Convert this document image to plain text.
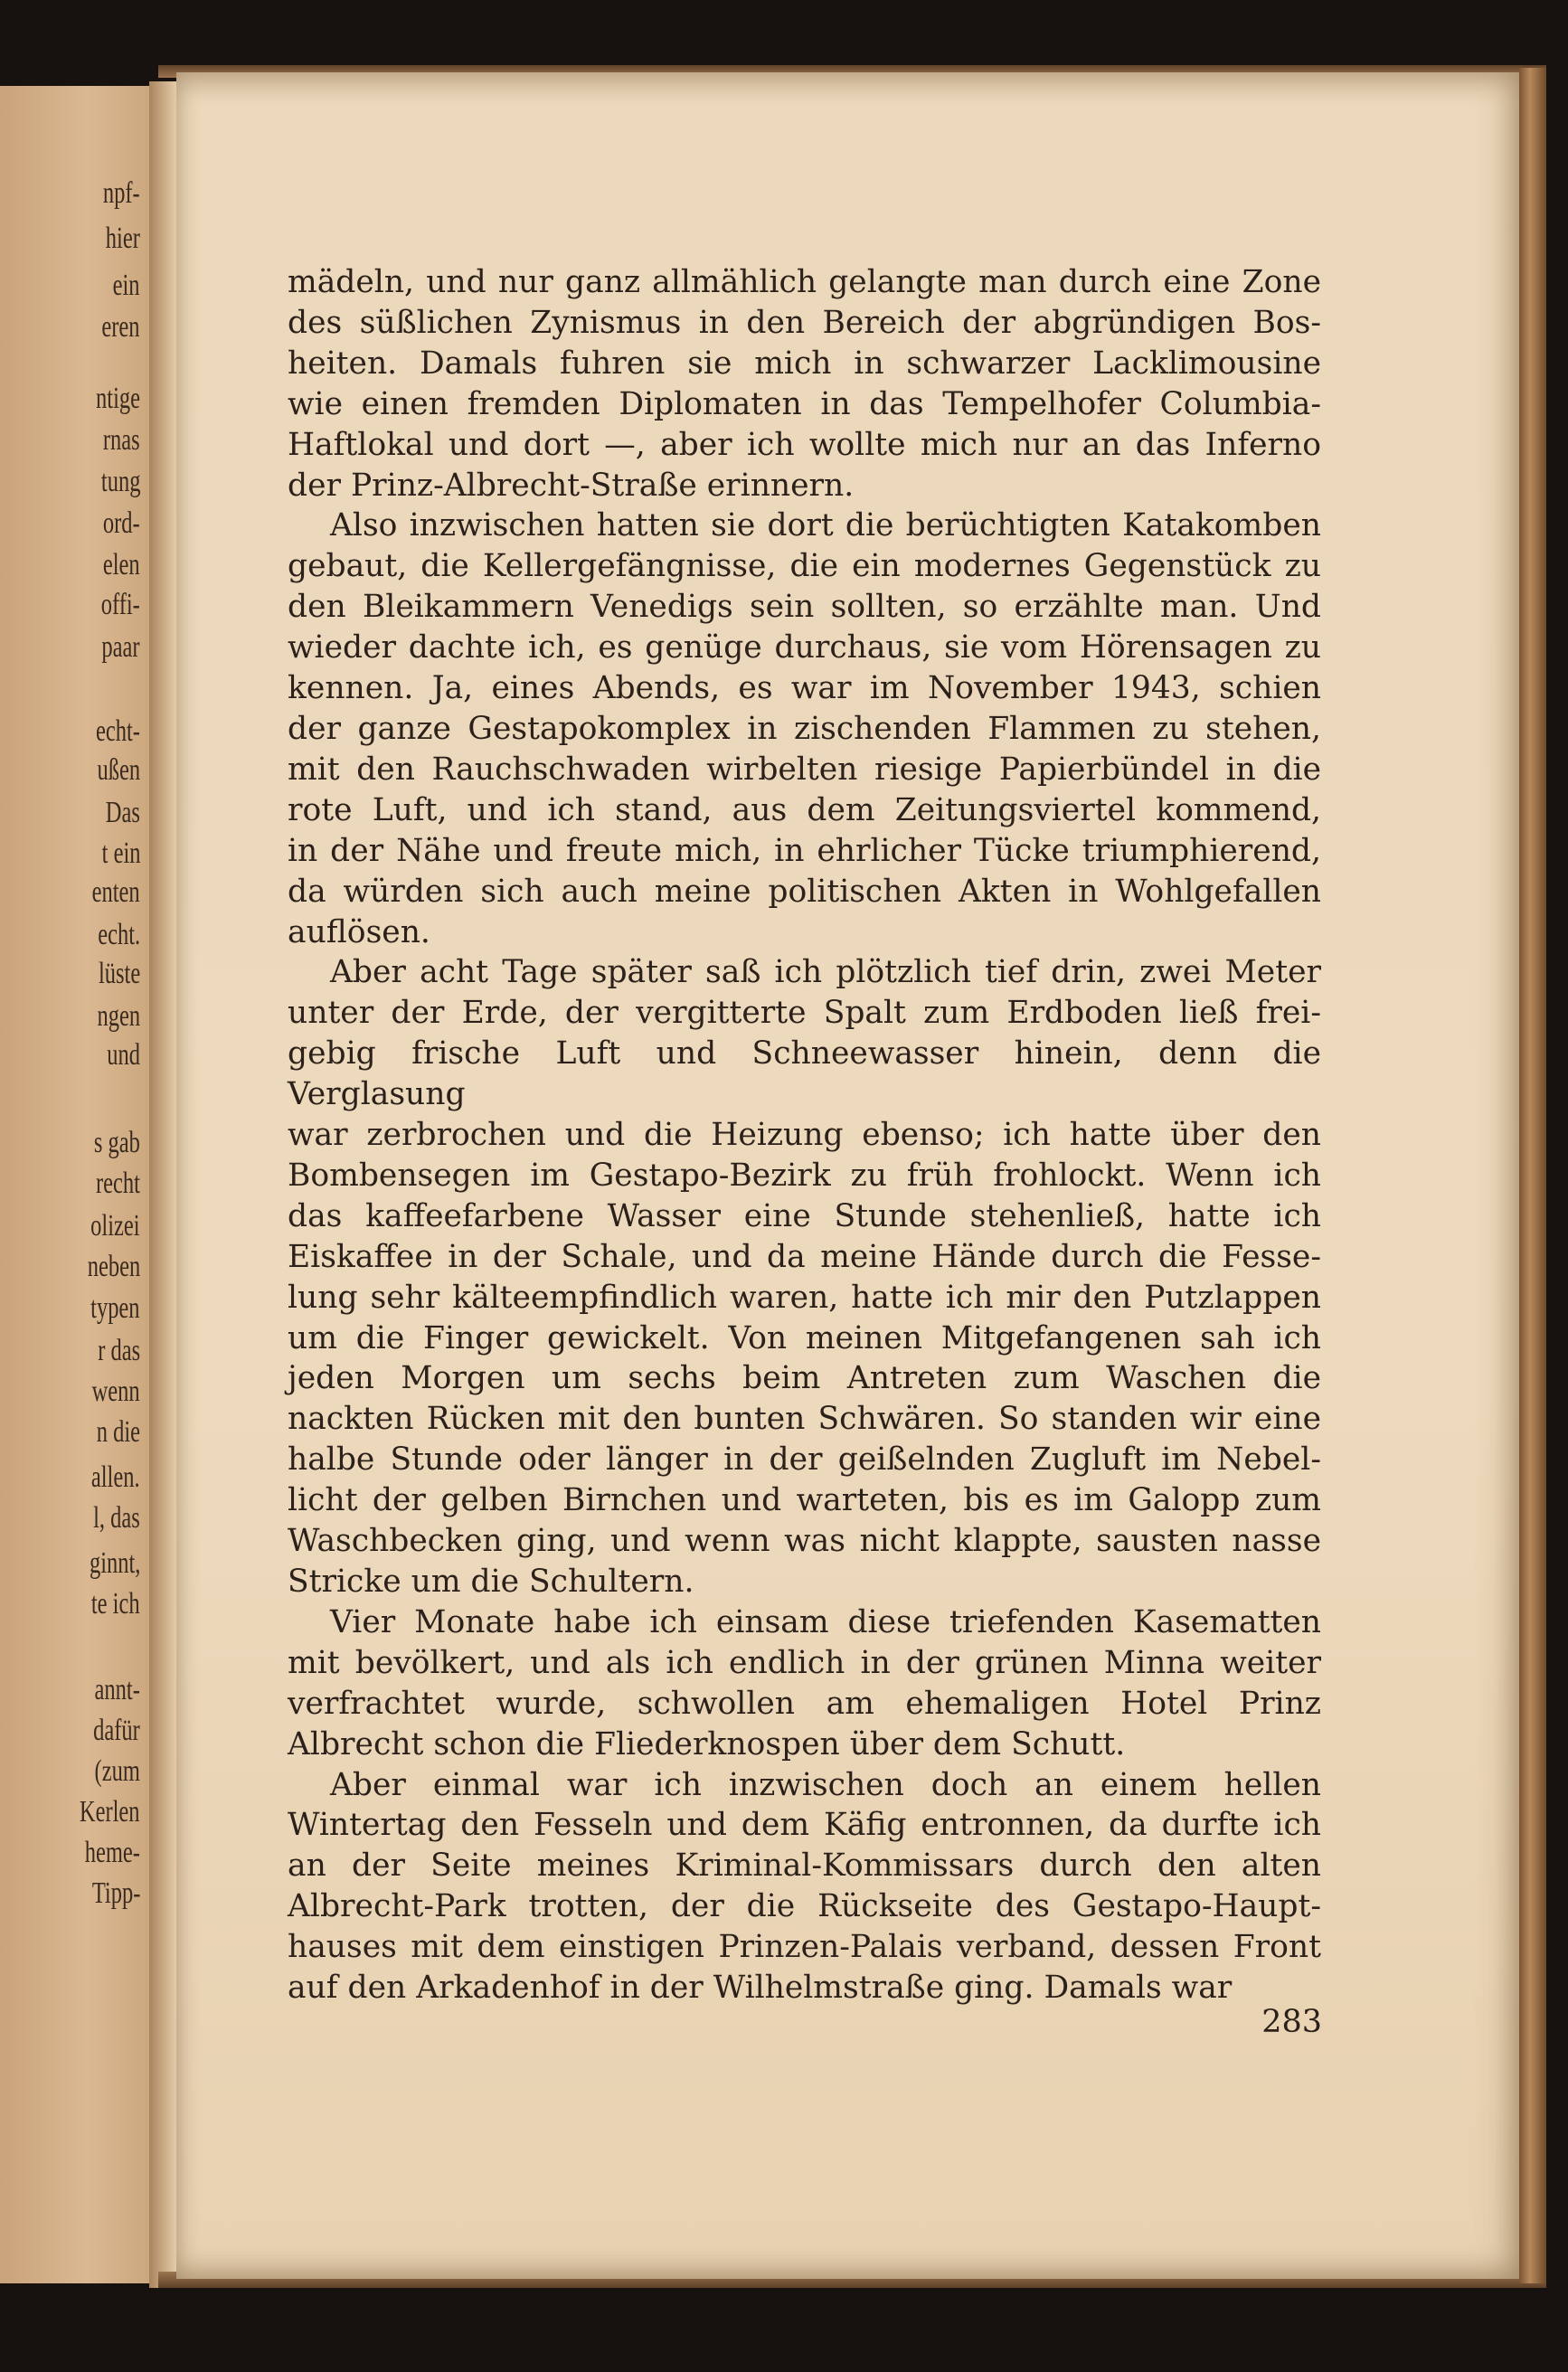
npf-
hier
ein
eren
ntige
rnas
tung
ord-
elen
offi-
paar
echt-
ußen
Das
t ein
enten
echt.
lüste
ngen
und
s gab
recht
olizei
neben
typen
r das
wenn
n die
allen.
l, das
ginnt,
te ich
annt-
dafür
(zum
Kerlen
heme-
Tipp-
mädeln, und nur ganz allmählich gelangte man durch eine Zone
des süßlichen Zynismus in den Bereich der abgründigen Bos-
heiten. Damals fuhren sie mich in schwarzer Lacklimousine
wie einen fremden Diplomaten in das Tempelhofer Columbia-
Haftlokal und dort —, aber ich wollte mich nur an das Inferno
der Prinz-Albrecht-Straße erinnern.
Also inzwischen hatten sie dort die berüchtigten Katakomben
gebaut, die Kellergefängnisse, die ein modernes Gegenstück zu
den Bleikammern Venedigs sein sollten, so erzählte man. Und
wieder dachte ich, es genüge durchaus, sie vom Hörensagen zu
kennen. Ja, eines Abends, es war im November 1943, schien
der ganze Gestapokomplex in zischenden Flammen zu stehen,
mit den Rauchschwaden wirbelten riesige Papierbündel in die
rote Luft, und ich stand, aus dem Zeitungsviertel kommend,
in der Nähe und freute mich, in ehrlicher Tücke triumphierend,
da würden sich auch meine politischen Akten in Wohlgefallen
auflösen.
Aber acht Tage später saß ich plötzlich tief drin, zwei Meter
unter der Erde, der vergitterte Spalt zum Erdboden ließ frei-
gebig frische Luft und Schneewasser hinein, denn die Verglasung
war zerbrochen und die Heizung ebenso; ich hatte über den
Bombensegen im Gestapo-Bezirk zu früh frohlockt. Wenn ich
das kaffeefarbene Wasser eine Stunde stehenließ, hatte ich
Eiskaffee in der Schale, und da meine Hände durch die Fesse-
lung sehr kälteempfindlich waren, hatte ich mir den Putzlappen
um die Finger gewickelt. Von meinen Mitgefangenen sah ich
jeden Morgen um sechs beim Antreten zum Waschen die
nackten Rücken mit den bunten Schwären. So standen wir eine
halbe Stunde oder länger in der geißelnden Zugluft im Nebel-
licht der gelben Birnchen und warteten, bis es im Galopp zum
Waschbecken ging, und wenn was nicht klappte, sausten nasse
Stricke um die Schultern.
Vier Monate habe ich einsam diese triefenden Kasematten
mit bevölkert, und als ich endlich in der grünen Minna weiter
verfrachtet wurde, schwollen am ehemaligen Hotel Prinz
Albrecht schon die Fliederknospen über dem Schutt.
Aber einmal war ich inzwischen doch an einem hellen
Wintertag den Fesseln und dem Käfig entronnen, da durfte ich
an der Seite meines Kriminal-Kommissars durch den alten
Albrecht-Park trotten, der die Rückseite des Gestapo-Haupt-
hauses mit dem einstigen Prinzen-Palais verband, dessen Front
auf den Arkadenhof in der Wilhelmstraße ging. Damals war
283
